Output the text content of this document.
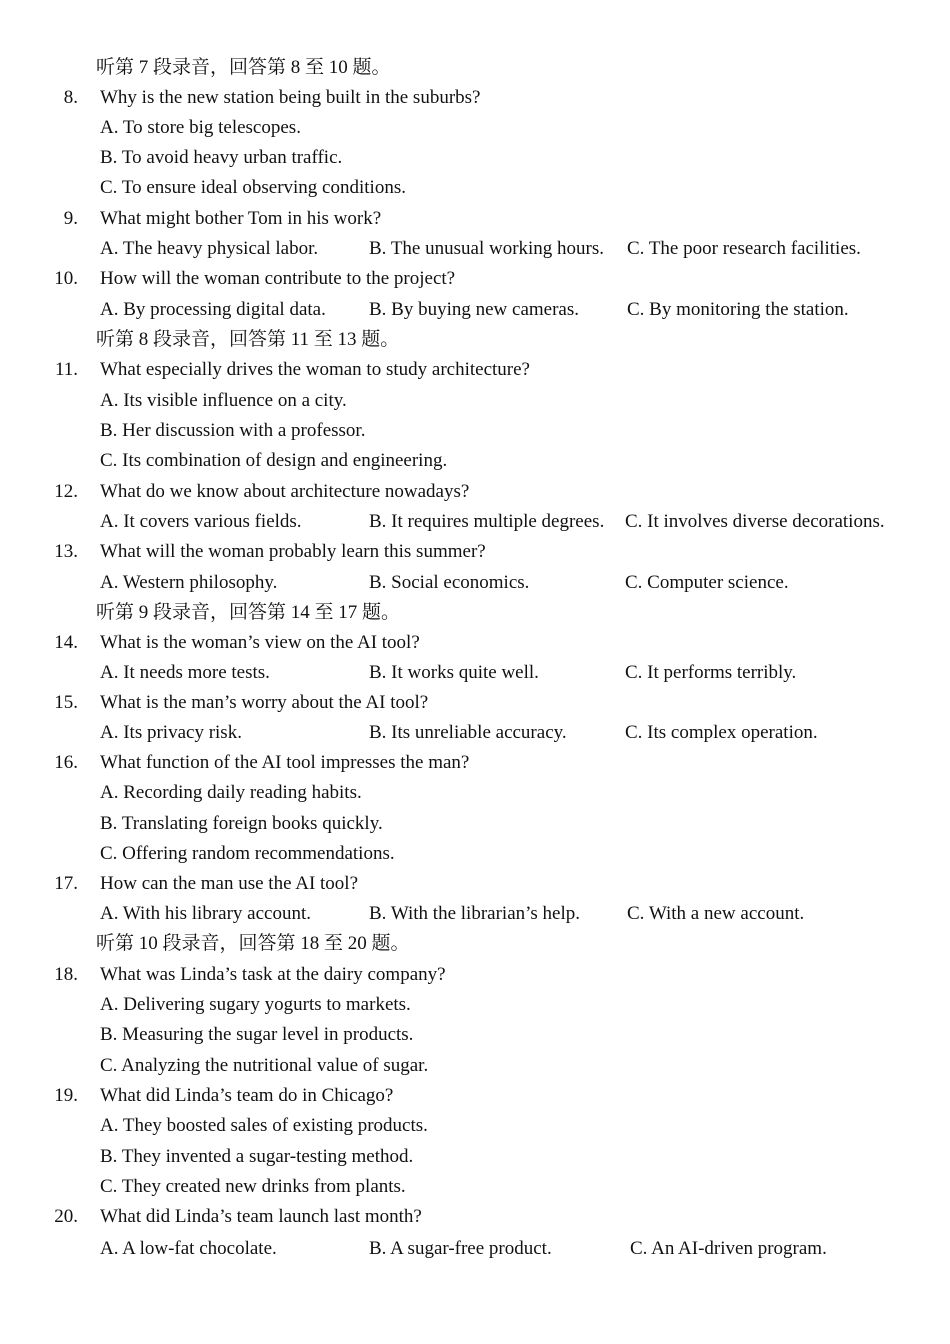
听第 7 段录音，回答第 8 至 10 题。
8. Why is the new station being built in the suburbs?
A. To store big telescopes.
B. To avoid heavy urban traffic.
C. To ensure ideal observing conditions.
9. What might bother Tom in his work?
A. The heavy physical labor.	B. The unusual working hours. C. The poor research facilities.
10. How will the woman contribute to the project?
A. By processing digital data. B. By buying new cameras.	C. By monitoring the station.
听第 8 段录音，回答第 11 至 13 题。
11. What especially drives the woman to study architecture?
A. Its visible influence on a city.
B. Her discussion with a professor.
C. Its combination of design and engineering.
12. What do we know about architecture nowadays?
A. It covers various fields.	B. It requires multiple degrees. C. It involves diverse decorations.
13. What will the woman probably learn this summer?
A. Western philosophy.	B. Social economics.	C. Computer science.
听第 9 段录音，回答第 14 至 17 题。
14. What is the woman’s view on the AI tool?
A. It needs more tests.	B. It works quite well.	C. It performs terribly.
15. What is the man’s worry about the AI tool?
A. Its privacy risk.	B. Its unreliable accuracy.	C. Its complex operation.
16. What function of the AI tool impresses the man?
A. Recording daily reading habits.
B. Translating foreign books quickly.
C. Offering random recommendations.
17. How can the man use the AI tool?
A. With his library account.	B. With the librarian’s help. C. With a new account.
听第 10 段录音，回答第 18 至 20 题。
18. What was Linda’s task at the dairy company?
A. Delivering sugary yogurts to markets.
B. Measuring the sugar level in products.
C. Analyzing the nutritional value of sugar.
19. What did Linda’s team do in Chicago?
A. They boosted sales of existing products.
B. They invented a sugar-testing method.
C. They created new drinks from plants.
20. What did Linda’s team launch last month?
A. A low-fat chocolate.	B. A sugar-free product.	C. An AI-driven program.
